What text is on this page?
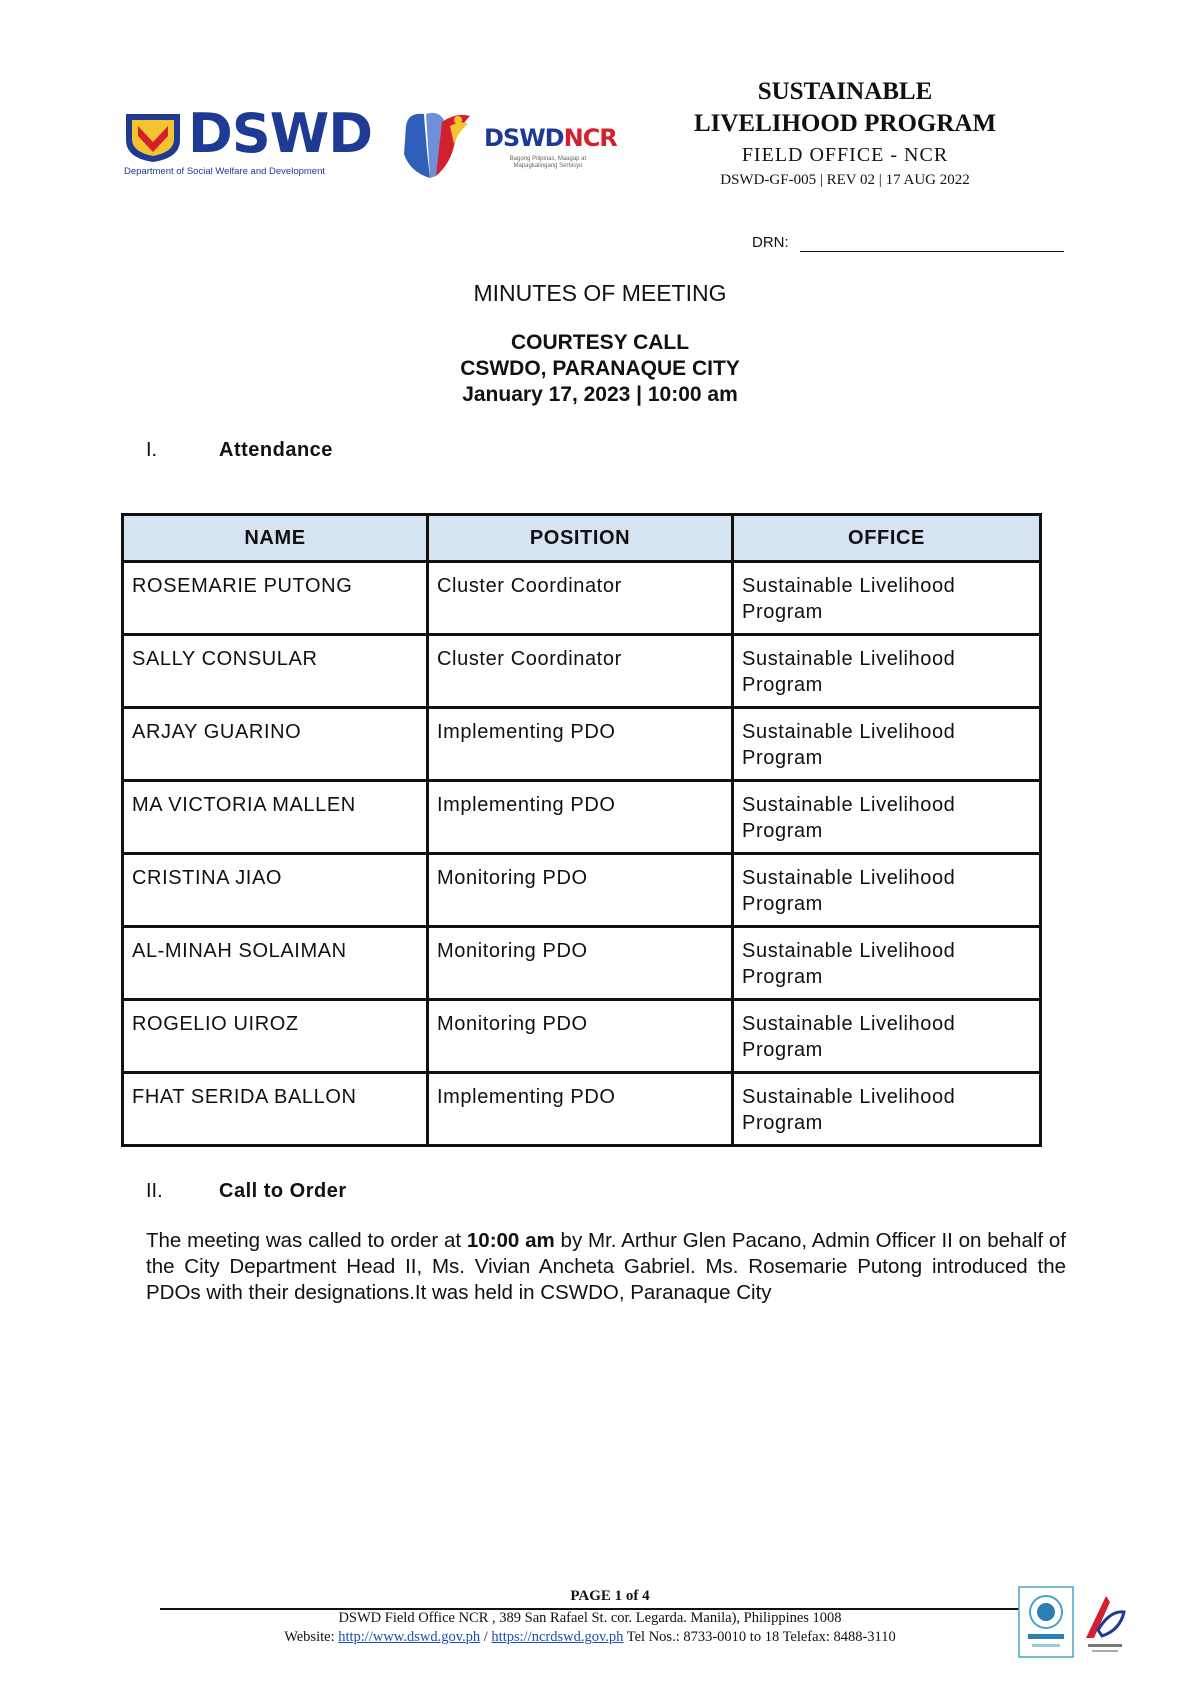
DSWD
Department of Social Welfare and Development
DSWDNCR
Bagong Pilipinas, Maagap at Mapagkalingang Serbisyo
SUSTAINABLE
LIVELIHOOD PROGRAM
FIELD OFFICE - NCR
DSWD-GF-005 | REV 02 | 17 AUG 2022
DRN:
MINUTES OF MEETING
COURTESY CALL
CSWDO, PARANAQUE CITY
January 17, 2023 | 10:00 am
I.	Attendance
NAME	POSITION	OFFICE

ROSEMARIE PUTONG	Cluster Coordinator	Sustainable Livelihood Program

SALLY CONSULAR	Cluster Coordinator	Sustainable Livelihood Program

ARJAY GUARINO	Implementing PDO	Sustainable Livelihood Program

MA VICTORIA MALLEN	Implementing PDO	Sustainable Livelihood Program

CRISTINA JIAO	Monitoring PDO	Sustainable Livelihood Program

AL-MINAH SOLAIMAN	Monitoring PDO	Sustainable Livelihood Program

ROGELIO UIROZ	Monitoring PDO	Sustainable Livelihood Program

FHAT SERIDA BALLON	Implementing PDO	Sustainable Livelihood Program
II.	Call to Order
The meeting was called to order at 10:00 am by Mr. Arthur Glen Pacano, Admin Officer II on behalf of the City Department Head II, Ms. Vivian Ancheta Gabriel. Ms. Rosemarie Putong introduced the PDOs with their designations.It was held in CSWDO, Paranaque City
PAGE 1 of 4
DSWD Field Office NCR , 389 San Rafael St. cor. Legarda. Manila), Philippines 1008
Website: http://www.dswd.gov.ph / https://ncrdswd.gov.ph Tel Nos.: 8733-0010 to 18 Telefax: 8488-3110
